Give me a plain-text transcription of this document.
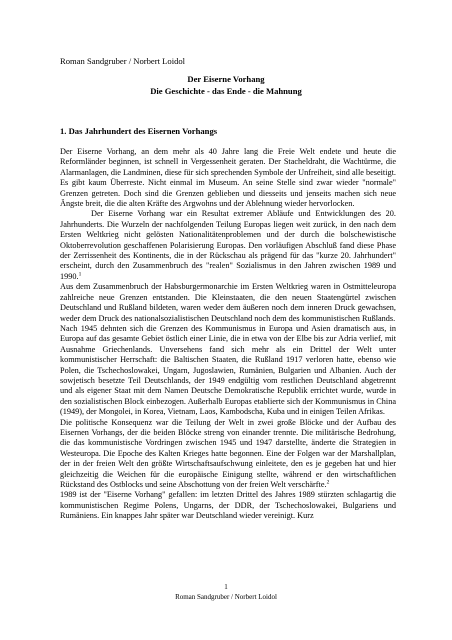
Roman Sandgruber / Norbert Loidol
Der Eiserne Vorhang
Die Geschichte - das Ende - die Mahnung
1. Das Jahrhundert des Eisernen Vorhangs

Der Eiserne Vorhang, an dem mehr als 40 Jahre lang die Freie Welt endete und heute die Reformländer beginnen, ist schnell in Vergessenheit geraten. Der Stacheldraht, die Wachtürme, die Alarmanlagen, die Landminen, diese für sich sprechenden Symbole der Unfreiheit, sind alle beseitigt. Es gibt kaum Überreste. Nicht einmal im Museum. An seine Stelle sind zwar wieder "normale" Grenzen getreten. Doch sind die Grenzen geblieben und diesseits und jenseits machen sich neue Ängste breit, die die alten Kräfte des Argwohns und der Ablehnung wieder hervorlocken.

Der Eiserne Vorhang war ein Resultat extremer Abläufe und Entwicklungen des 20. Jahrhunderts. Die Wurzeln der nachfolgenden Teilung Europas liegen weit zurück, in den nach dem Ersten Weltkrieg nicht gelösten Nationalitätenproblemen und der durch die bolschewistische Oktoberrevolution geschaffenen Polarisierung Europas. Den vorläufigen Abschluß fand diese Phase der Zerrissenheit des Kontinents, die in der Rückschau als prägend für das "kurze 20. Jahrhundert" erscheint, durch den Zusammenbruch des "realen" Sozialismus in den Jahren zwischen 1989 und 1990.$^1$

Aus dem Zusammenbruch der Habsburgermonarchie im Ersten Weltkrieg waren in Ostmitteleuropa zahlreiche neue Grenzen entstanden. Die Kleinstaaten, die den neuen Staatengürtel zwischen Deutschland und Rußland bildeten, waren weder dem äußeren noch dem inneren Druck gewachsen, weder dem Druck des nationalsozialistischen Deutschland noch dem des kommunistischen Rußlands.

Nach 1945 dehnten sich die Grenzen des Kommunismus in Europa und Asien dramatisch aus, in Europa auf das gesamte Gebiet östlich einer Linie, die in etwa von der Elbe bis zur Adria verlief, mit Ausnahme Griechenlands. Unversehens fand sich mehr als ein Drittel der Welt unter kommunistischer Herrschaft: die Baltischen Staaten, die Rußland 1917 verloren hatte, ebenso wie Polen, die Tschechoslowakei, Ungarn, Jugoslawien, Rumänien, Bulgarien und Albanien. Auch der sowjetisch besetzte Teil Deutschlands, der 1949 endgültig vom restlichen Deutschland abgetrennt und als eigener Staat mit dem Namen Deutsche Demokratische Republik errichtet wurde, wurde in den sozialistischen Block einbezogen. Außerhalb Europas etablierte sich der Kommunismus in China (1949), der Mongolei, in Korea, Vietnam, Laos, Kambodscha, Kuba und in einigen Teilen Afrikas.

Die politische Konsequenz war die Teilung der Welt in zwei große Blöcke und der Aufbau des Eisernen Vorhangs, der die beiden Blöcke streng von einander trennte. Die militärische Bedrohung, die das kommunistische Vordringen zwischen 1945 und 1947 darstellte, änderte die Strategien in Westeuropa. Die Epoche des Kalten Krieges hatte begonnen. Eine der Folgen war der Marshallplan, der in der freien Welt den größte Wirtschaftsaufschwung einleitete, den es je gegeben hat und hier gleichzeitig die Weichen für die europäische Einigung stellte, während er den wirtschaftlichen Rückstand des Ostblocks und seine Abschottung von der freien Welt verschärfte.$^2$

1989 ist der "Eiserne Vorhang" gefallen: im letzten Drittel des Jahres 1989 stürzten schlagartig die kommunistischen Regime Polens, Ungarns, der DDR, der Tschechoslowakei, Bulgariens und Rumäniens. Ein knappes Jahr später war Deutschland wieder vereinigt. Kurz

1
Roman Sandgruber / Norbert Loidol
